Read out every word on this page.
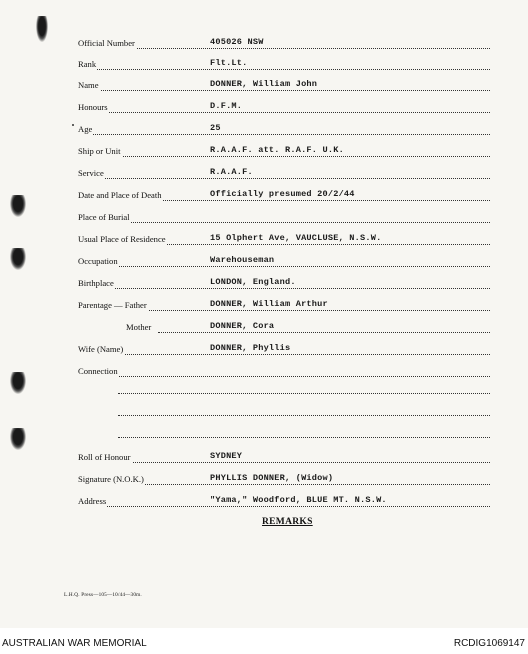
Official Number	405026 NSW
Rank	Flt.Lt.
Name	DONNER, William John
Honours	D.F.M.
Age	25
Ship or Unit	R.A.A.F. att. R.A.F. U.K.
Service	R.A.A.F.
Date and Place of Death	Officially presumed 20/2/44
Place of Burial
Usual Place of Residence	15 Olphert Ave, VAUCLUSE, N.S.W.
Occupation	Warehouseman
Birthplace	LONDON, England.
Parentage — Father	DONNER, William Arthur
Mother	DONNER, Cora
Wife (Name)	DONNER, Phyllis
Connection
Roll of Honour	SYDNEY
Signature (N.O.K.)	PHYLLIS DONNER, (Widow)
Address	"Yama," Woodford, BLUE MT. N.S.W.
REMARKS
L.H.Q. Press—105—10/44—30m.
AUSTRALIAN WAR MEMORIAL	RCDIG1069147
